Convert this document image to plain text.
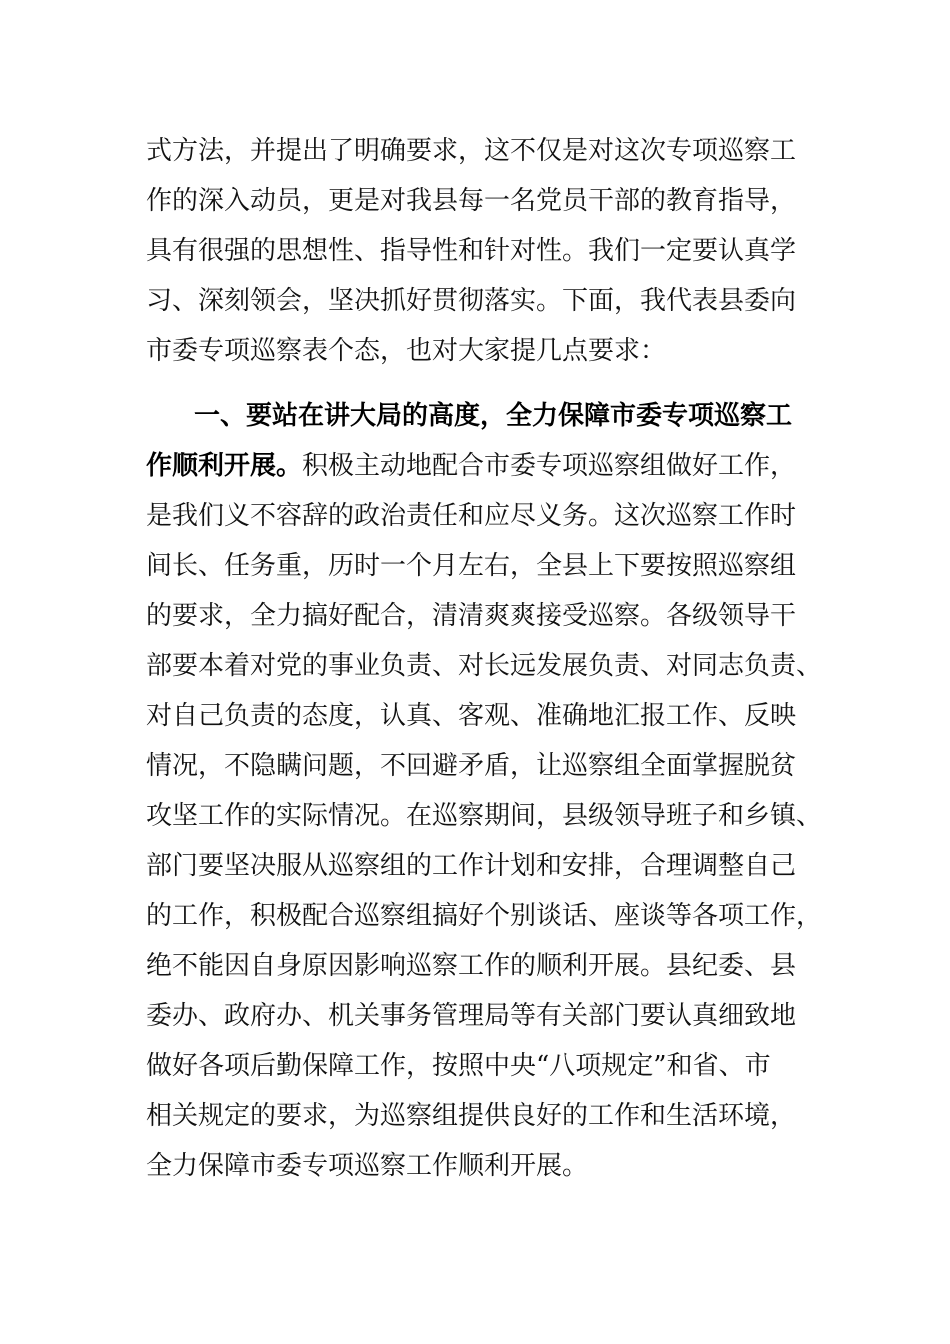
式方法，并提出了明确要求，这不仅是对这次专项巡察工
作的深入动员，更是对我县每一名党员干部的教育指导，
具有很强的思想性、指导性和针对性。我们一定要认真学
习、深刻领会，坚决抓好贯彻落实。下面，我代表县委向
市委专项巡察表个态，也对大家提几点要求：
一、要站在讲大局的高度，全力保障市委专项巡察工
作顺利开展。积极主动地配合市委专项巡察组做好工作，
是我们义不容辞的政治责任和应尽义务。这次巡察工作时
间长、任务重，历时一个月左右，全县上下要按照巡察组
的要求，全力搞好配合，清清爽爽接受巡察。各级领导干
部要本着对党的事业负责、对长远发展负责、对同志负责、
对自己负责的态度，认真、客观、准确地汇报工作、反映
情况，不隐瞒问题，不回避矛盾，让巡察组全面掌握脱贫
攻坚工作的实际情况。在巡察期间，县级领导班子和乡镇、
部门要坚决服从巡察组的工作计划和安排，合理调整自己
的工作，积极配合巡察组搞好个别谈话、座谈等各项工作，
绝不能因自身原因影响巡察工作的顺利开展。县纪委、县
委办、政府办、机关事务管理局等有关部门要认真细致地
做好各项后勤保障工作，按照中央“八项规定”和省、市
相关规定的要求，为巡察组提供良好的工作和生活环境，
全力保障市委专项巡察工作顺利开展。
